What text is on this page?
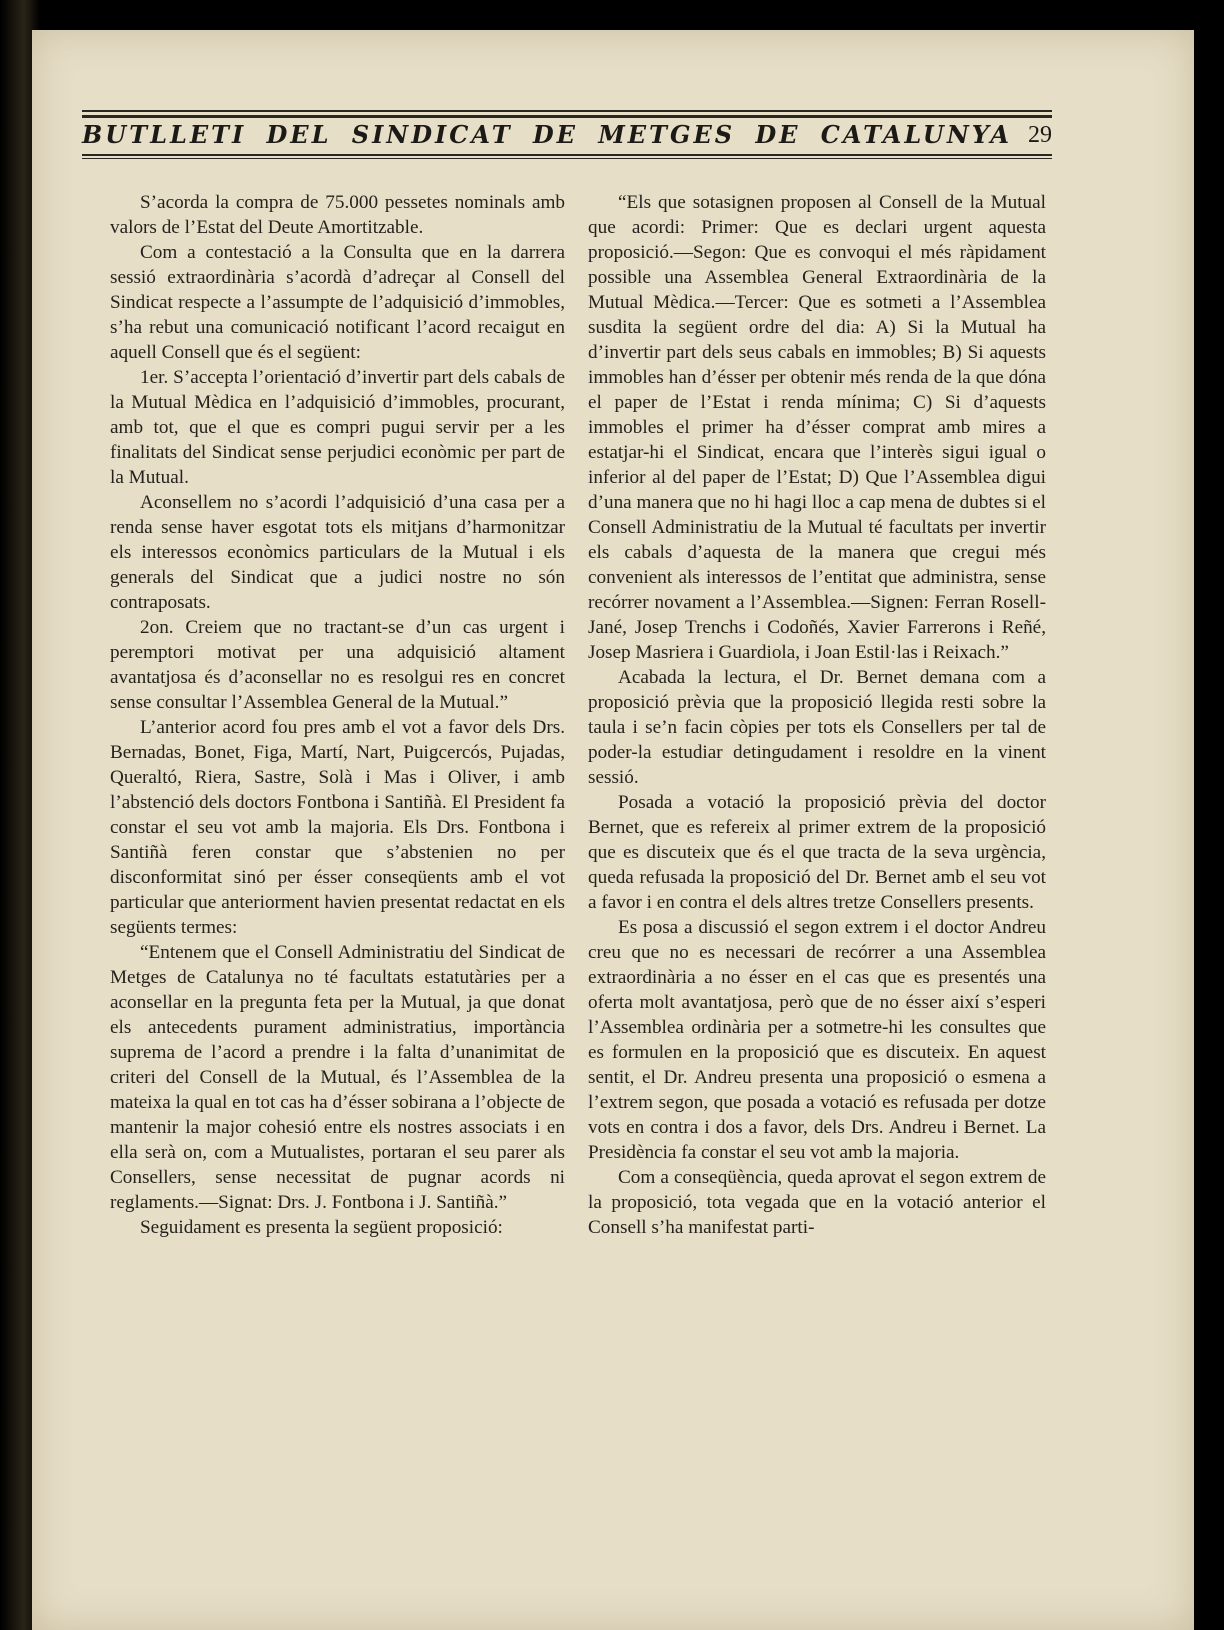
BUTLLETI DEL SINDICAT DE METGES DE CATALUNYA 29

S’acorda la compra de 75.000 pessetes nominals amb valors de l’Estat del Deute Amortitzable.

Com a contestació a la Consulta que en la darrera sessió extraordinària s’acordà d’adreçar al Consell del Sindicat respecte a l’assumpte de l’adquisició d’immobles, s’ha rebut una comunicació notificant l’acord recaigut en aquell Consell que és el següent:

1er. S’accepta l’orientació d’invertir part dels cabals de la Mutual Mèdica en l’adquisició d’immobles, procurant, amb tot, que el que es compri pugui servir per a les finalitats del Sindicat sense perjudici econòmic per part de la Mutual.

Aconsellem no s’acordi l’adquisició d’una casa per a renda sense haver esgotat tots els mitjans d’harmonitzar els interessos econòmics particulars de la Mutual i els generals del Sindicat que a judici nostre no són contraposats.

2on. Creiem que no tractant-se d’un cas urgent i peremptori motivat per una adquisició altament avantatjosa és d’aconsellar no es resolgui res en concret sense consultar l’Assemblea General de la Mutual.”

L’anterior acord fou pres amb el vot a favor dels Drs. Bernadas, Bonet, Figa, Martí, Nart, Puigcercós, Pujadas, Queraltó, Riera, Sastre, Solà i Mas i Oliver, i amb l’abstenció dels doctors Fontbona i Santiñà. El President fa constar el seu vot amb la majoria. Els Drs. Fontbona i Santiñà feren constar que s’abstenien no per disconformitat sinó per ésser conseqüents amb el vot particular que anteriorment havien presentat redactat en els següents termes:

“Entenem que el Consell Administratiu del Sindicat de Metges de Catalunya no té facultats estatutàries per a aconsellar en la pregunta feta per la Mutual, ja que donat els antecedents purament administratius, importància suprema de l’acord a prendre i la falta d’unanimitat de criteri del Consell de la Mutual, és l’Assemblea de la mateixa la qual en tot cas ha d’ésser sobirana a l’objecte de mantenir la major cohesió entre els nostres associats i en ella serà on, com a Mutualistes, portaran el seu parer als Consellers, sense necessitat de pugnar acords ni reglaments.—Signat: Drs. J. Fontbona i J. Santiñà.”

Seguidament es presenta la següent proposició:

“Els que sotasignen proposen al Consell de la Mutual que acordi: Primer: Que es declari urgent aquesta proposició.—Segon: Que es convoqui el més ràpidament possible una Assemblea General Extraordinària de la Mutual Mèdica.—Tercer: Que es sotmeti a l’Assemblea susdita la següent ordre del dia: A) Si la Mutual ha d’invertir part dels seus cabals en immobles; B) Si aquests immobles han d’ésser per obtenir més renda de la que dóna el paper de l’Estat i renda mínima; C) Si d’aquests immobles el primer ha d’ésser comprat amb mires a estatjar-hi el Sindicat, encara que l’interès sigui igual o inferior al del paper de l’Estat; D) Que l’Assemblea digui d’una manera que no hi hagi lloc a cap mena de dubtes si el Consell Administratiu de la Mutual té facultats per invertir els cabals d’aquesta de la manera que cregui més convenient als interessos de l’entitat que administra, sense recórrer novament a l’Assemblea.—Signen: Ferran Rosell-Jané, Josep Trenchs i Codoñés, Xavier Farrerons i Reñé, Josep Masriera i Guardiola, i Joan Estil·las i Reixach.”

Acabada la lectura, el Dr. Bernet demana com a proposició prèvia que la proposició llegida resti sobre la taula i se’n facin còpies per tots els Consellers per tal de poder-la estudiar detingudament i resoldre en la vinent sessió.

Posada a votació la proposició prèvia del doctor Bernet, que es refereix al primer extrem de la proposició que es discuteix que és el que tracta de la seva urgència, queda refusada la proposició del Dr. Bernet amb el seu vot a favor i en contra el dels altres tretze Consellers presents.

Es posa a discussió el segon extrem i el doctor Andreu creu que no es necessari de recórrer a una Assemblea extraordinària a no ésser en el cas que es presentés una oferta molt avantatjosa, però que de no ésser així s’esperi l’Assemblea ordinària per a sotmetre-hi les consultes que es formulen en la proposició que es discuteix. En aquest sentit, el Dr. Andreu presenta una proposició o esmena a l’extrem segon, que posada a votació es refusada per dotze vots en contra i dos a favor, dels Drs. Andreu i Bernet. La Presidència fa constar el seu vot amb la majoria.

Com a conseqüència, queda aprovat el segon extrem de la proposició, tota vegada que en la votació anterior el Consell s’ha manifestat parti-
